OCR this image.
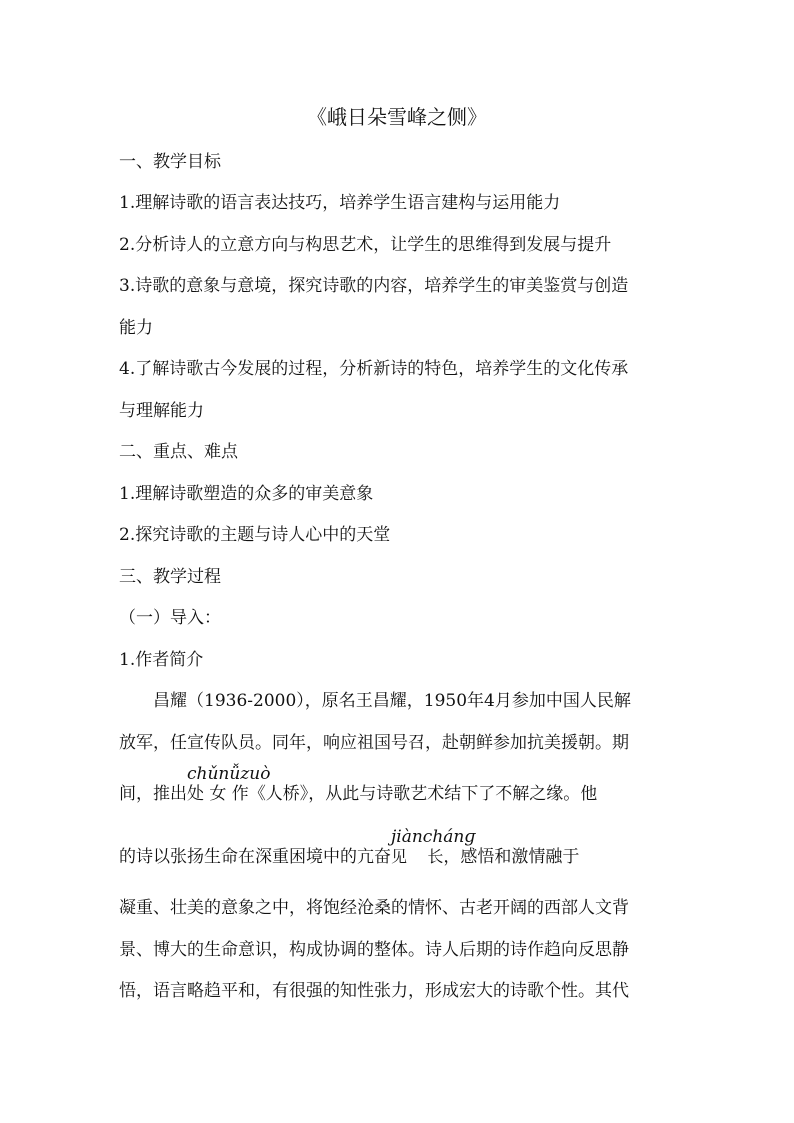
《峨日朵雪峰之侧》
一、教学目标
1.理解诗歌的语言表达技巧，培养学生语言建构与运用能力
2.分析诗人的立意方向与构思艺术，让学生的思维得到发展与提升
3.诗歌的意象与意境，探究诗歌的内容，培养学生的审美鉴赏与创造
能力
4.了解诗歌古今发展的过程，分析新诗的特色，培养学生的文化传承
与理解能力
二、重点、难点
1.理解诗歌塑造的众多的审美意象
2.探究诗歌的主题与诗人心中的天堂
三、教学过程
（一）导入：
1.作者简介
昌耀（1936-2000），原名王昌耀，1950年4月参加中国人民解
放军，任宣传队员。同年，响应祖国号召，赴朝鲜参加抗美援朝。期
间，推出
chǔnǚzuò
处 女 作《人桥》，从此与诗歌艺术结下了不解之缘。他
的诗以张扬生命在深重困境中的亢奋
jiànchánɡ
见    长，感悟和激情融于
凝重、壮美的意象之中，将饱经沧桑的情怀、古老开阔的西部人文背
景、博大的生命意识，构成协调的整体。诗人后期的诗作趋向反思静
悟，语言略趋平和，有很强的知性张力，形成宏大的诗歌个性。其代
